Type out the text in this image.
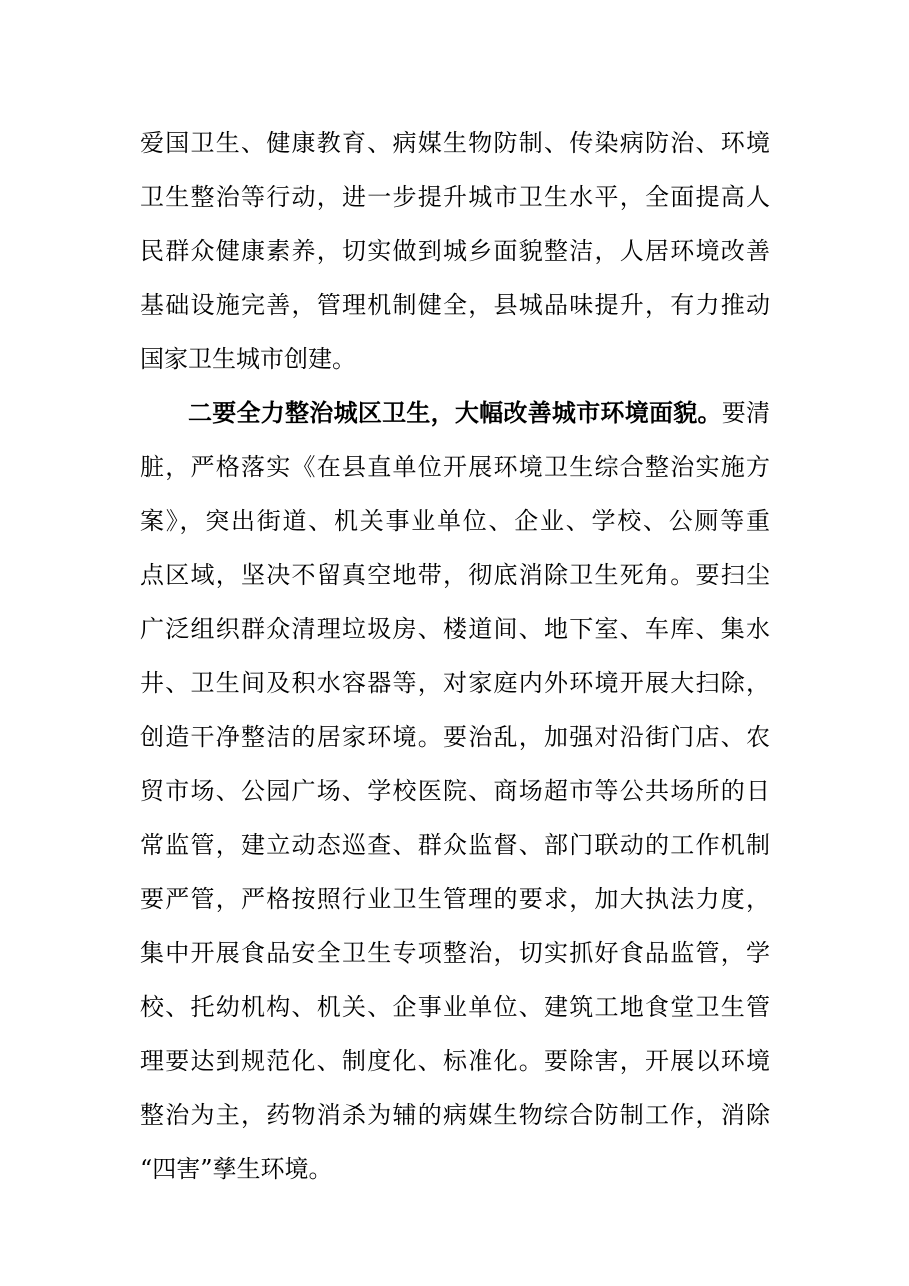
爱国卫生、健康教育、病媒生物防制、传染病防治、环境
卫生整治等行动，进一步提升城市卫生水平，全面提高人
民群众健康素养，切实做到城乡面貌整洁，人居环境改善
基础设施完善，管理机制健全，县城品味提升，有力推动
国家卫生城市创建。
二要全力整治城区卫生，大幅改善城市环境面貌。要清
脏，严格落实《在县直单位开展环境卫生综合整治实施方
案》，突出街道、机关事业单位、企业、学校、公厕等重
点区域，坚决不留真空地带，彻底消除卫生死角。要扫尘
广泛组织群众清理垃圾房、楼道间、地下室、车库、集水
井、卫生间及积水容器等，对家庭内外环境开展大扫除，
创造干净整洁的居家环境。要治乱，加强对沿街门店、农
贸市场、公园广场、学校医院、商场超市等公共场所的日
常监管，建立动态巡查、群众监督、部门联动的工作机制
要严管，严格按照行业卫生管理的要求，加大执法力度，
集中开展食品安全卫生专项整治，切实抓好食品监管，学
校、托幼机构、机关、企事业单位、建筑工地食堂卫生管
理要达到规范化、制度化、标准化。要除害，开展以环境
整治为主，药物消杀为辅的病媒生物综合防制工作，消除
“四害”孳生环境。
